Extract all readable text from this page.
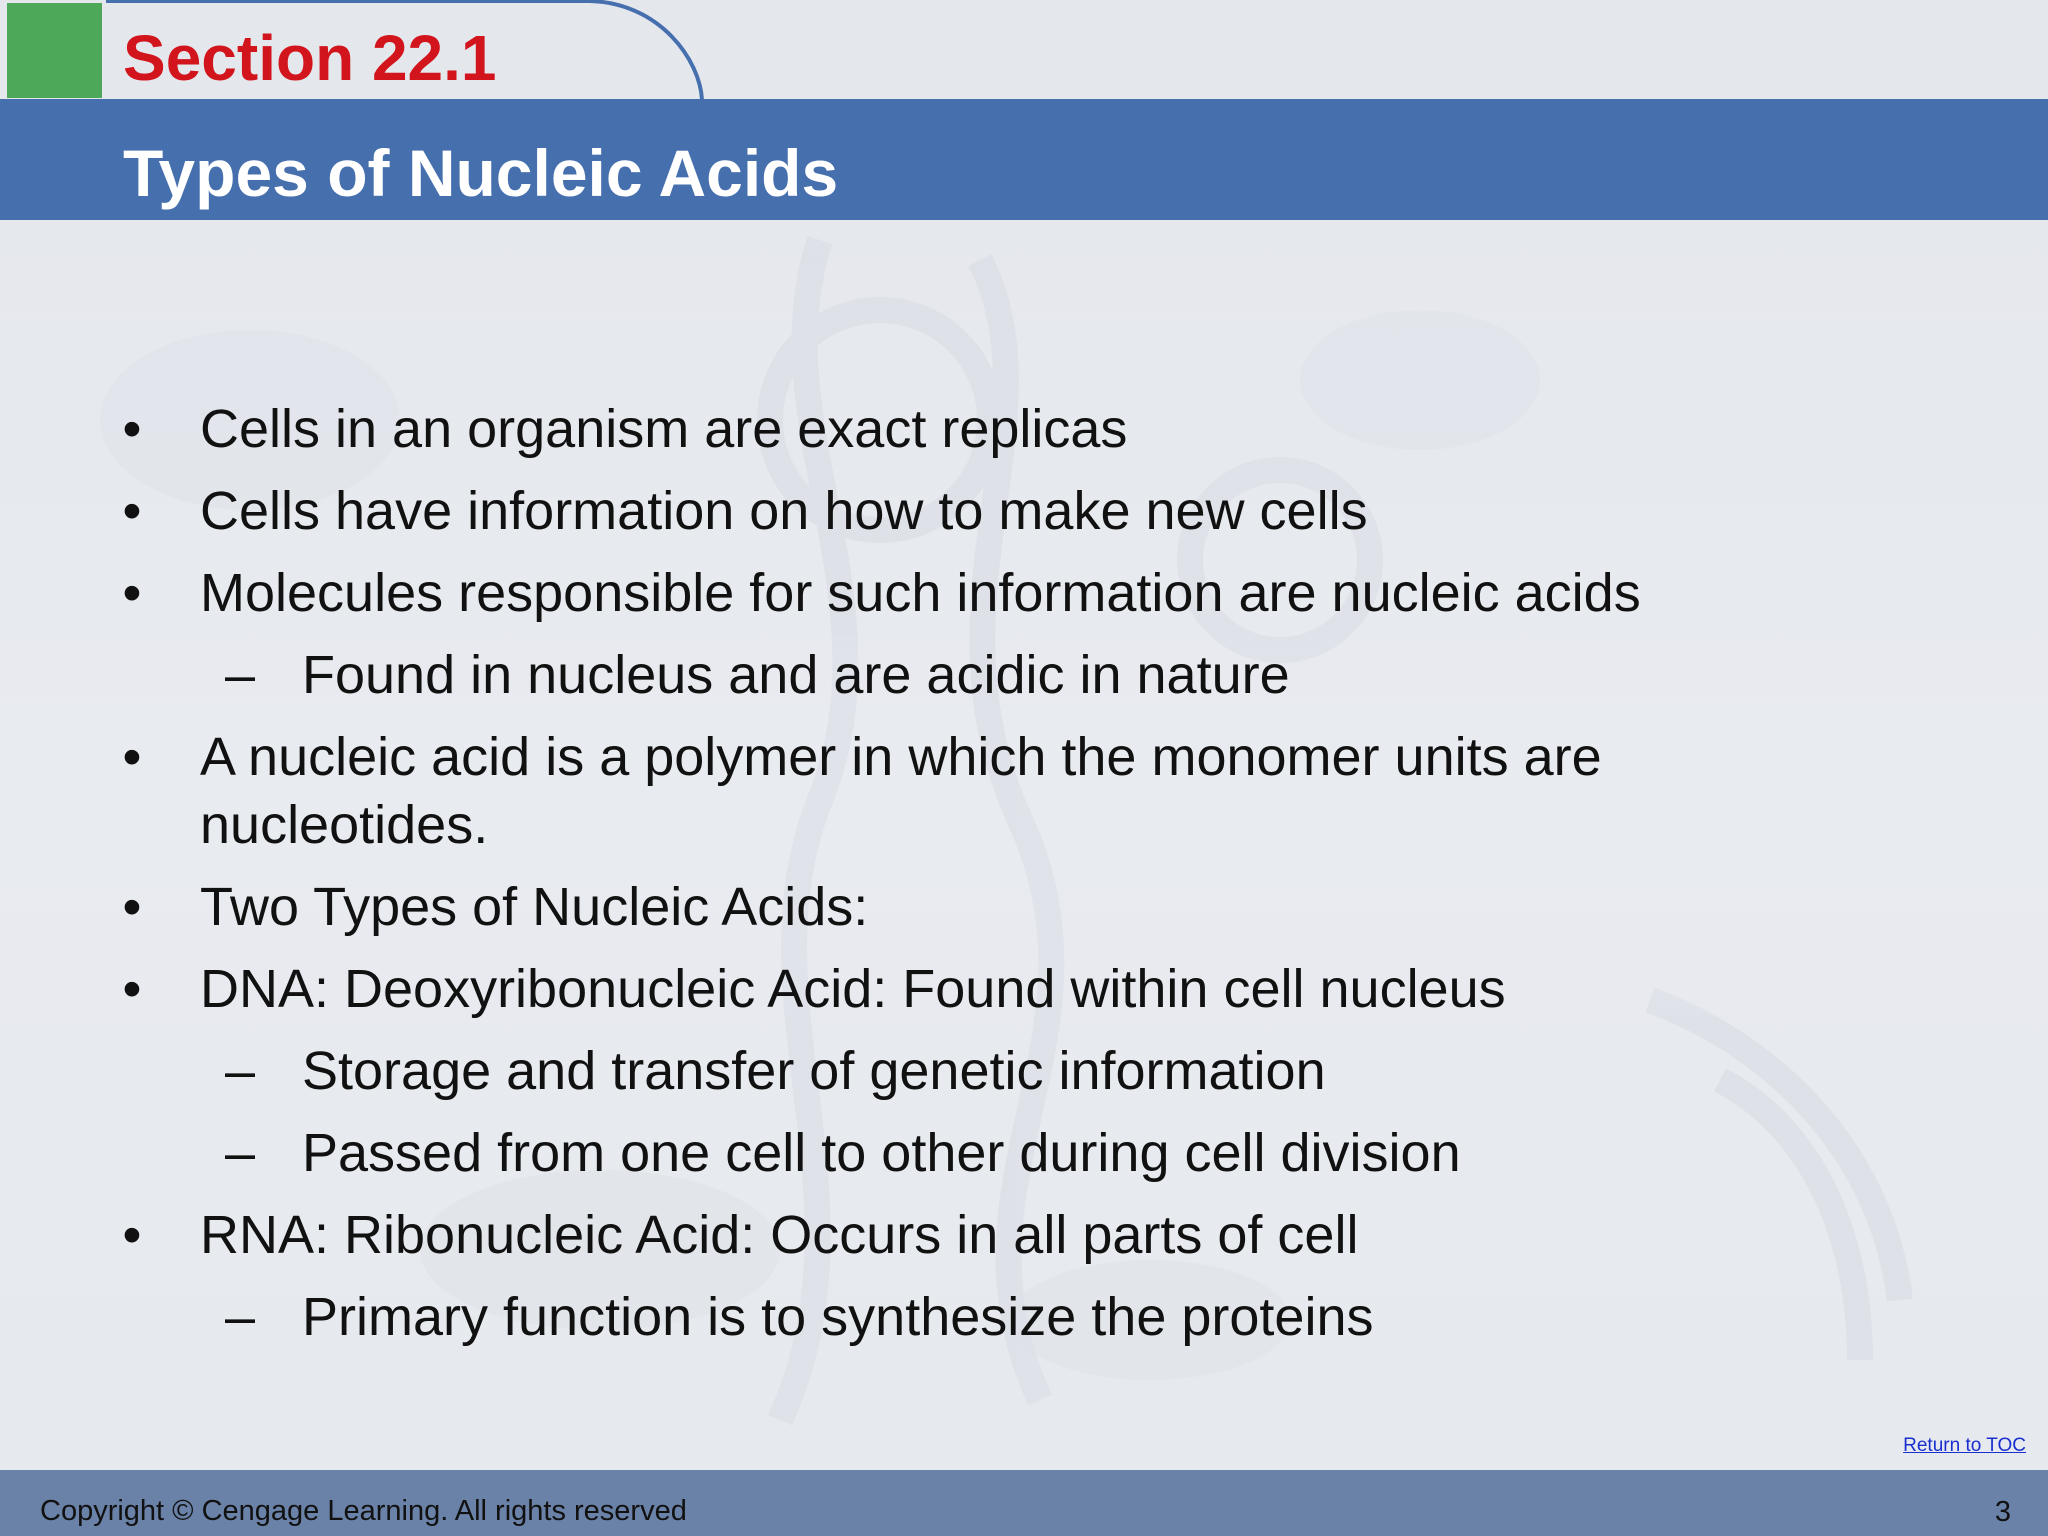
Section 22.1
Types of Nucleic Acids
• Cells in an organism are exact replicas
• Cells have information on how to make new cells
• Molecules responsible for such information are nucleic acids
– Found in nucleus and are acidic in nature
• A nucleic acid is a polymer in which the monomer units are
nucleotides.
• Two Types of Nucleic Acids:
• DNA: Deoxyribonucleic Acid: Found within cell nucleus
– Storage and transfer of genetic information
– Passed from one cell to other during cell division
• RNA: Ribonucleic Acid: Occurs in all parts of cell
– Primary function is to synthesize the proteins
Return to TOC
Copyright © Cengage Learning. All rights reserved	3
